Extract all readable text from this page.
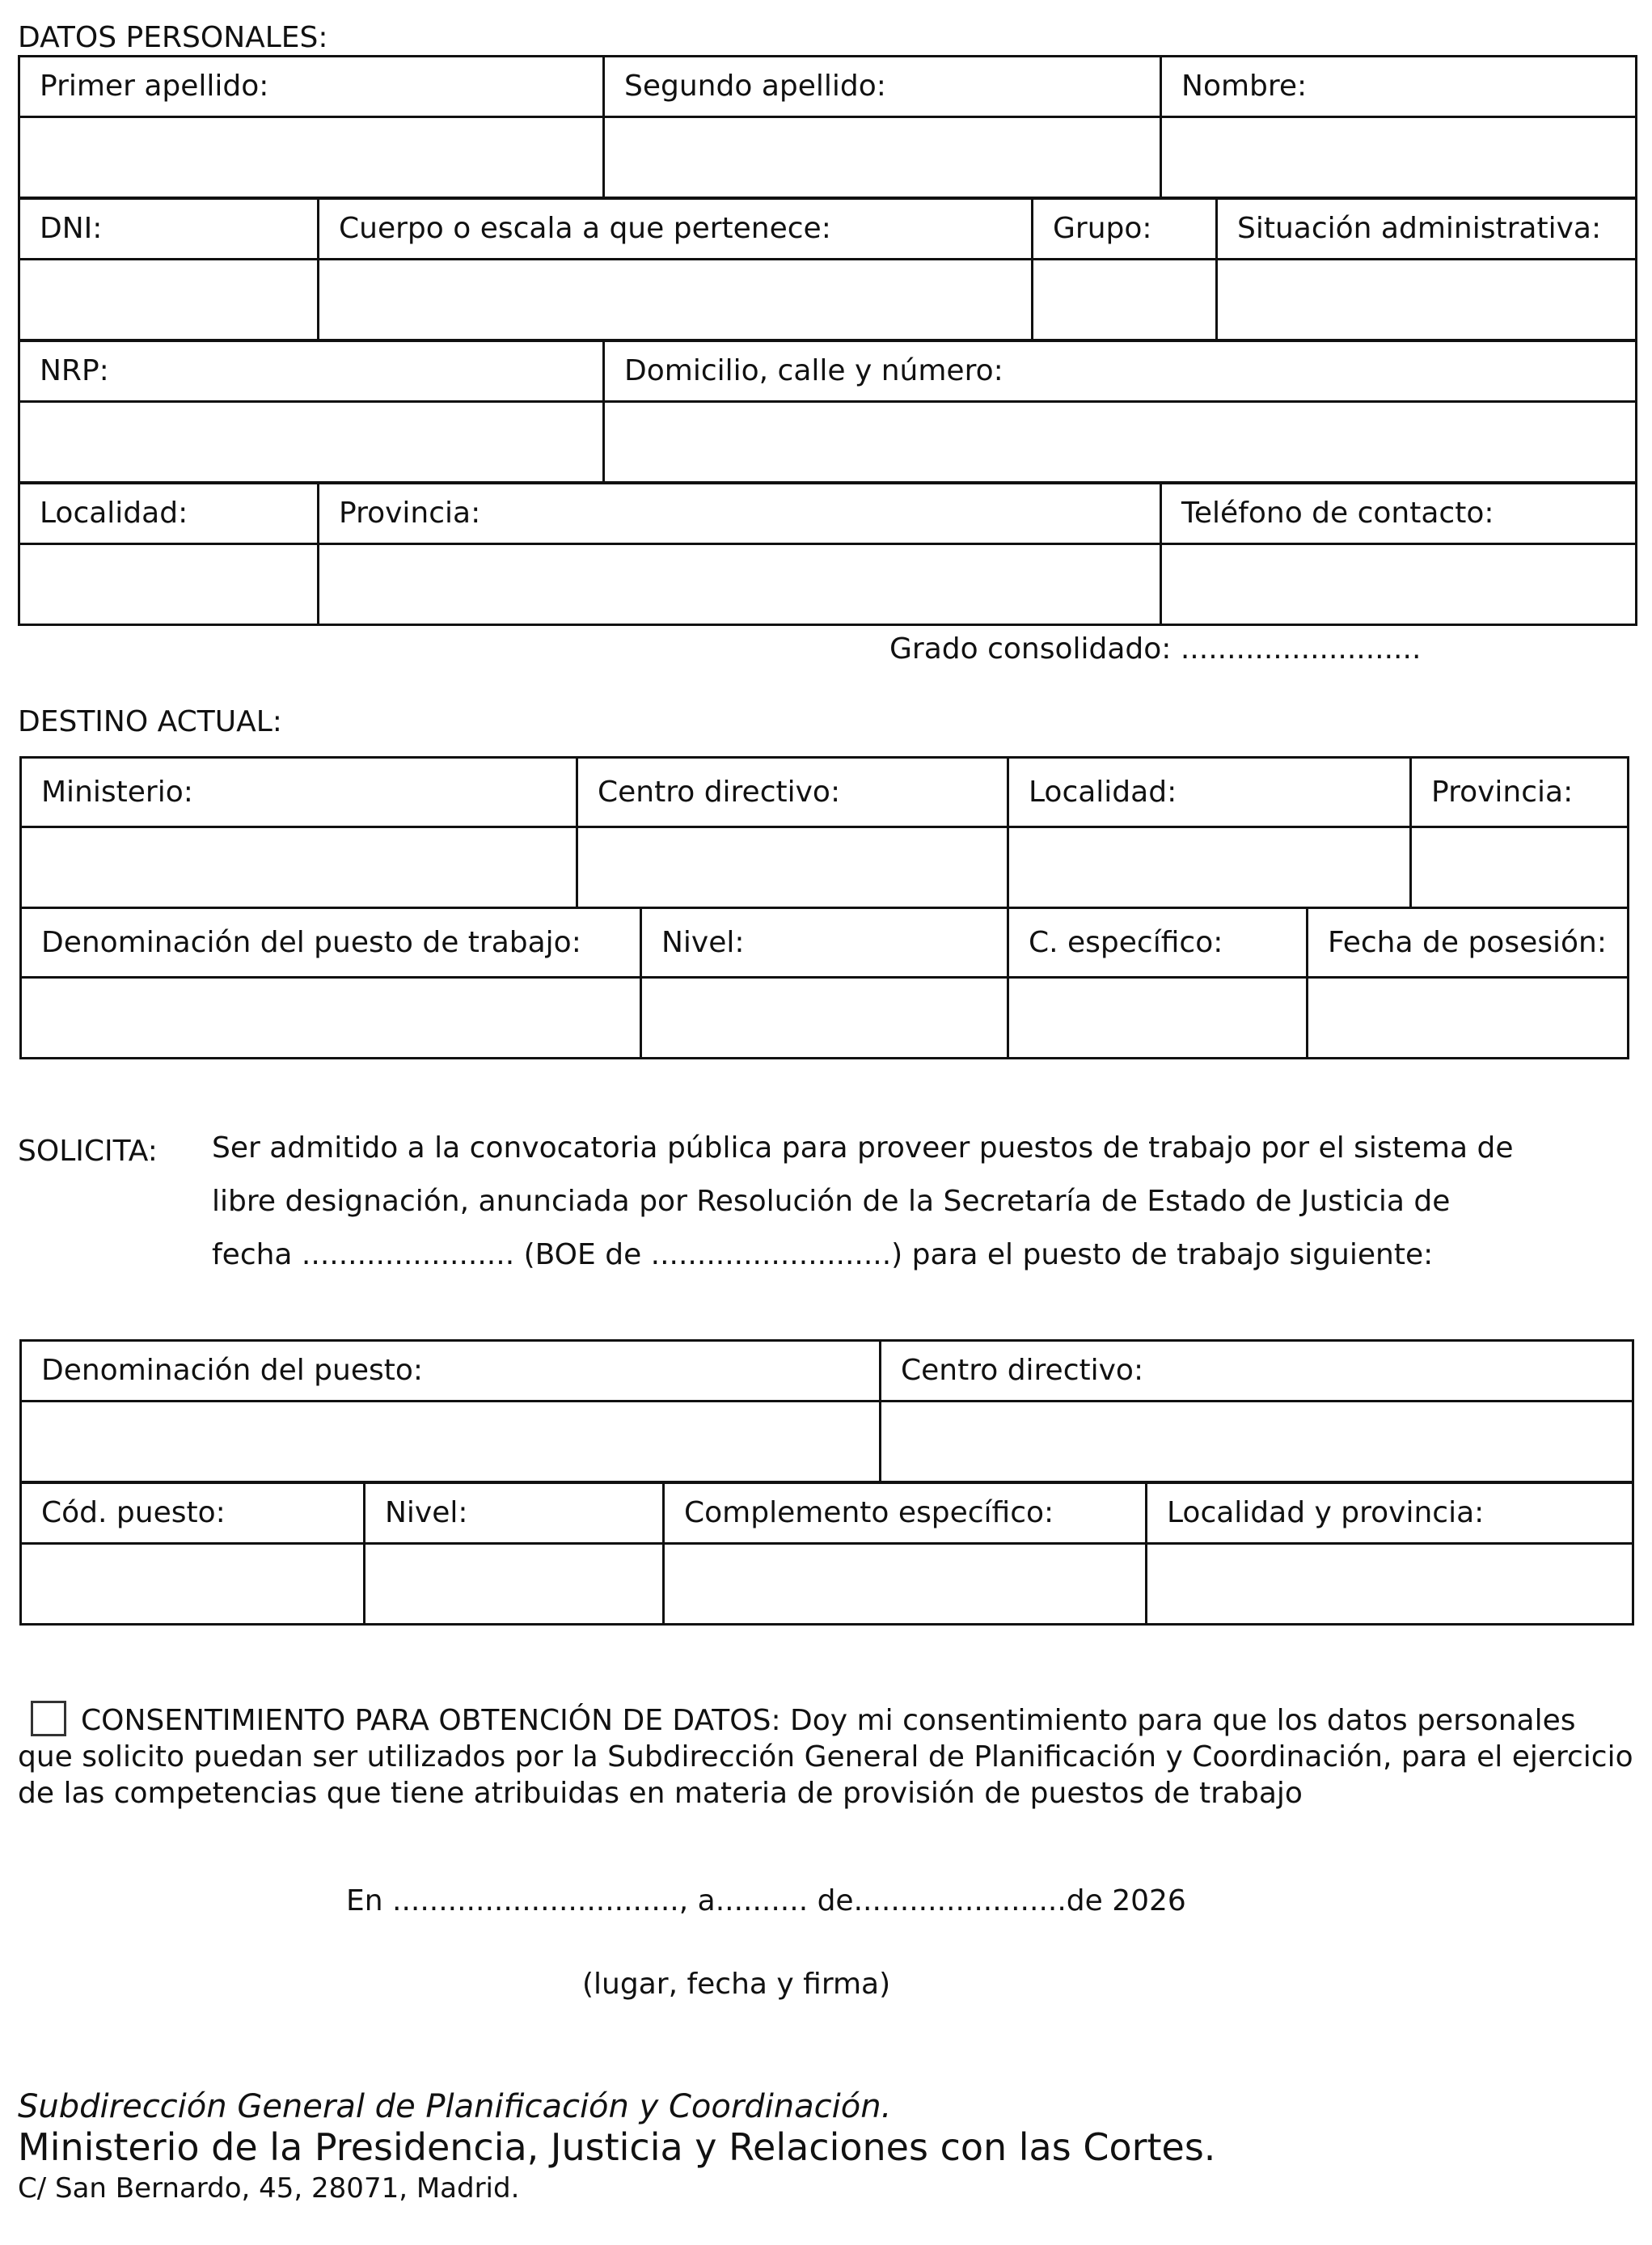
DATOS PERSONALES:
Primer apellido:	Segundo apellido:	Nombre:

DNI:	Cuerpo o escala a que pertenece:	Grupo:	Situación administrativa:

NRP:	Domicilio, calle y número:

Localidad:	Provincia:	Teléfono de contacto:

Grado consolidado: ..........................
DESTINO ACTUAL:
Ministerio:	Centro directivo:	Localidad:	Provincia:

Denominación del puesto de trabajo:	Nivel:	C. específico:	Fecha de posesión:

SOLICITA: Ser admitido a la convocatoria pública para proveer puestos de trabajo por el sistema de
libre designación, anunciada por Resolución de la Secretaría de Estado de Justicia de
fecha ....................... (BOE de ..........................) para el puesto de trabajo siguiente:
Denominación del puesto:	Centro directivo:

Cód. puesto:	Nivel:	Complemento específico:	Localidad y provincia:

CONSENTIMIENTO PARA OBTENCIÓN DE DATOS: Doy mi consentimiento para que los datos personales
que solicito puedan ser utilizados por la Subdirección General de Planificación y Coordinación, para el ejercicio
de las competencias que tiene atribuidas en materia de provisión de puestos de trabajo
En ..............................., a.......... de.......................de 2026
(lugar, fecha y firma)
Subdirección General de Planificación y Coordinación.
Ministerio de la Presidencia, Justicia y Relaciones con las Cortes.
C/ San Bernardo, 45, 28071, Madrid.
